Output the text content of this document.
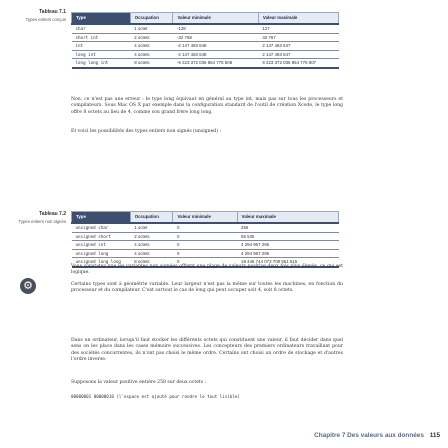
Tableau 7.1
Types entiers conçus Type	Occupation	Valeur minimale	Valeur maximale
char	1 octet	-128	127
short int	2 octets	-32 768	32 767
int	4 octets	-2 147 483 648	2 147 483 647
long int	4 octets	-2 147 483 648	2 147 483 647
long long int	8 octets	-9 223 372 036 854 775 808	9 223 372 036 854 775 807

Non, ce n'est pas une erreur : le type long équivaut en général au type int, mais pas sur tous les processeurs et compilateurs. Sous Mac OS X par exemple dans la configuration standard de l'outil de création Xcode, le type long offre 8 octets au lieu de 4, comme son grand frère long long.

Et voici les possibilités des types entiers non signés (unsigned) :

Tableau 7.2
Types entiers non signés
Type	Occupation	Valeur minimale	Valeur maximale
unsigned char	1 octet	0	255
unsigned short	2 octets	0	65 535
unsigned int	4 octets	0	4 294 967 295
unsigned long	4 octets	0	4 294 967 295
unsigned long long	8 octets	0	18 446 744 073 709 551 615

Vous constatez que les variantes non signées offrent une plage de valeurs positive deux fois plus élevée, ce qui est logique.

⚙	Certains types sont à géométrie variable. Leur largeur n'est pas la même sur toutes les machines, en fonction du processeur et du compilateur. C'est surtout le cas de long qui peut occuper soit 4, soit 8 octets.

Dans un ordinateur, lorsqu'il faut stocker les différents octets qui constituent une valeur, il faut décider dans quel sens on les place dans les cases mémoire successives. Les concepteurs des premiers ordinateurs travaillant pour des sociétés concurrentes, ils n'ont pas choisi le même ordre. Certains ont choisi un ordre de stockage et d'autres l'ordre inverse.

Supposons la valeur positive entière 258 sur deux octets :

00000001 00000010 (l'espace est ajouté pour rendre le tout lisible)

Chapitre 7 Des valeurs aux données 115
